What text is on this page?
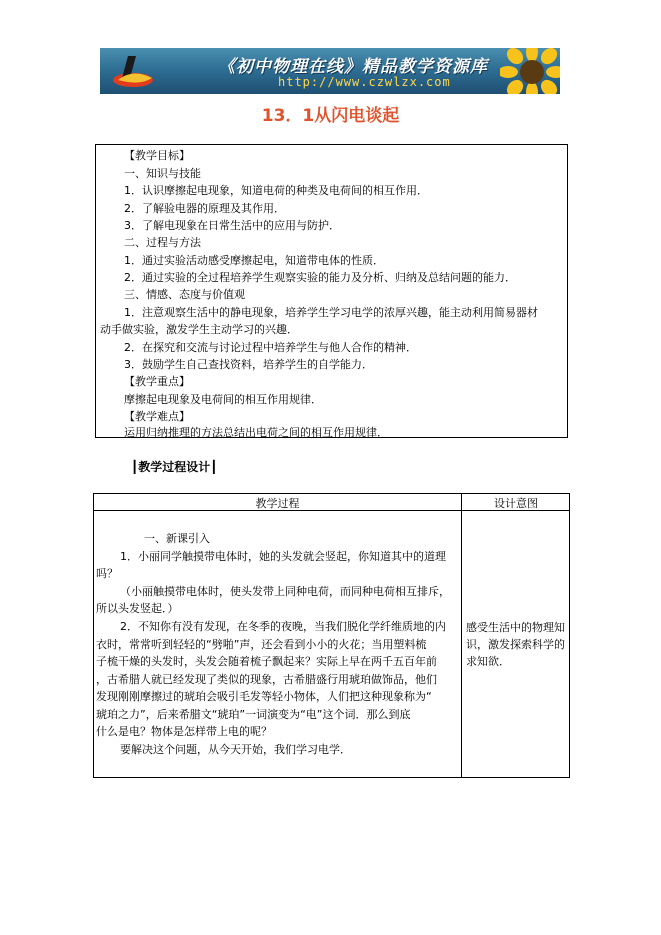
《初中物理在线》精品教学资源库
http://www.czwlzx.com
13．1从闪电谈起
【教学目标】
一、知识与技能
1．认识摩擦起电现象，知道电荷的种类及电荷间的相互作用．
2．了解验电器的原理及其作用．
3．了解电现象在日常生活中的应用与防护．
二、过程与方法
1．通过实验活动感受摩擦起电，知道带电体的性质．
2．通过实验的全过程培养学生观察实验的能力及分析、归纳及总结问题的能力．
三、情感、态度与价值观
1．注意观察生活中的静电现象，培养学生学习电学的浓厚兴趣，能主动利用简易器材
动手做实验，激发学生主动学习的兴趣．
2．在探究和交流与讨论过程中培养学生与他人合作的精神．
3．鼓励学生自己查找资料，培养学生的自学能力．
【教学重点】
摩擦起电现象及电荷间的相互作用规律．
【教学难点】
运用归纳推理的方法总结出电荷之间的相互作用规律．
┃教学过程设计┃
教学过程	设计意图
一、新课引入
1．小丽同学触摸带电体时，她的头发就会竖起，你知道其中的道理
吗？
（小丽触摸带电体时，使头发带上同种电荷，而同种电荷相互排斥，
所以头发竖起．）
2．不知你有没有发现，在冬季的夜晚，当我们脱化学纤维质地的内
衣时，常常听到轻轻的“劈啪”声，还会看到小小的火花；当用塑料梳
子梳干燥的头发时，头发会随着梳子飘起来？实际上早在两千五百年前
，古希腊人就已经发现了类似的现象，古希腊盛行用琥珀做饰品，他们
发现刚刚摩擦过的琥珀会吸引毛发等轻小物体，人们把这种现象称为“
琥珀之力”，后来希腊文“琥珀”一词演变为“电”这个词．那么到底
什么是电？物体是怎样带上电的呢？
要解决这个问题，从今天开始，我们学习电学．
感受生活中的物理知识，激发探索科学的求知欲．
